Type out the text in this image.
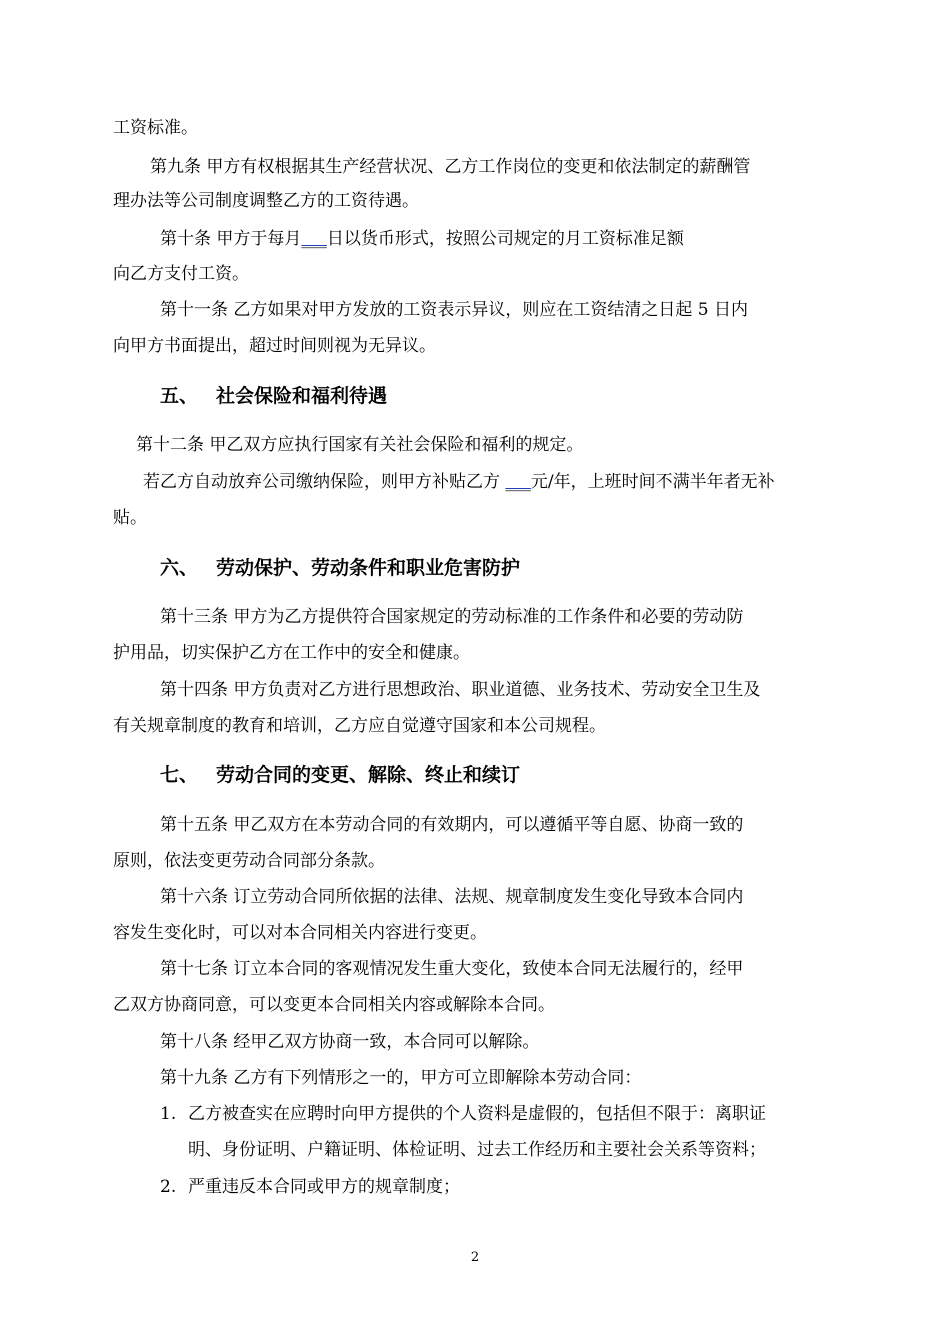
工资标准。

第九条 甲方有权根据其生产经营状况、乙方工作岗位的变更和依法制定的薪酬管

理办法等公司制度调整乙方的工资待遇。

第十条 甲方于每月___日以货币形式，按照公司规定的月工资标准足额

向乙方支付工资。

第十一条 乙方如果对甲方发放的工资表示异议，则应在工资结清之日起 5 日内

向甲方书面提出，超过时间则视为无异议。

五、 社会保险和福利待遇

第十二条 甲乙双方应执行国家有关社会保险和福利的规定。

若乙方自动放弃公司缴纳保险，则甲方补贴乙方 ___元/年，上班时间不满半年者无补

贴。

六、 劳动保护、劳动条件和职业危害防护

第十三条 甲方为乙方提供符合国家规定的劳动标准的工作条件和必要的劳动防

护用品，切实保护乙方在工作中的安全和健康。

第十四条 甲方负责对乙方进行思想政治、职业道德、业务技术、劳动安全卫生及

有关规章制度的教育和培训，乙方应自觉遵守国家和本公司规程。

七、 劳动合同的变更、解除、终止和续订

第十五条 甲乙双方在本劳动合同的有效期内，可以遵循平等自愿、协商一致的

原则，依法变更劳动合同部分条款。

第十六条 订立劳动合同所依据的法律、法规、规章制度发生变化导致本合同内

容发生变化时，可以对本合同相关内容进行变更。

第十七条 订立本合同的客观情况发生重大变化，致使本合同无法履行的，经甲

乙双方协商同意，可以变更本合同相关内容或解除本合同。

第十八条 经甲乙双方协商一致，本合同可以解除。

第十九条 乙方有下列情形之一的，甲方可立即解除本劳动合同：

1. 乙方被查实在应聘时向甲方提供的个人资料是虚假的，包括但不限于：离职证

明、身份证明、户籍证明、体检证明、过去工作经历和主要社会关系等资料；

2. 严重违反本合同或甲方的规章制度；

2
